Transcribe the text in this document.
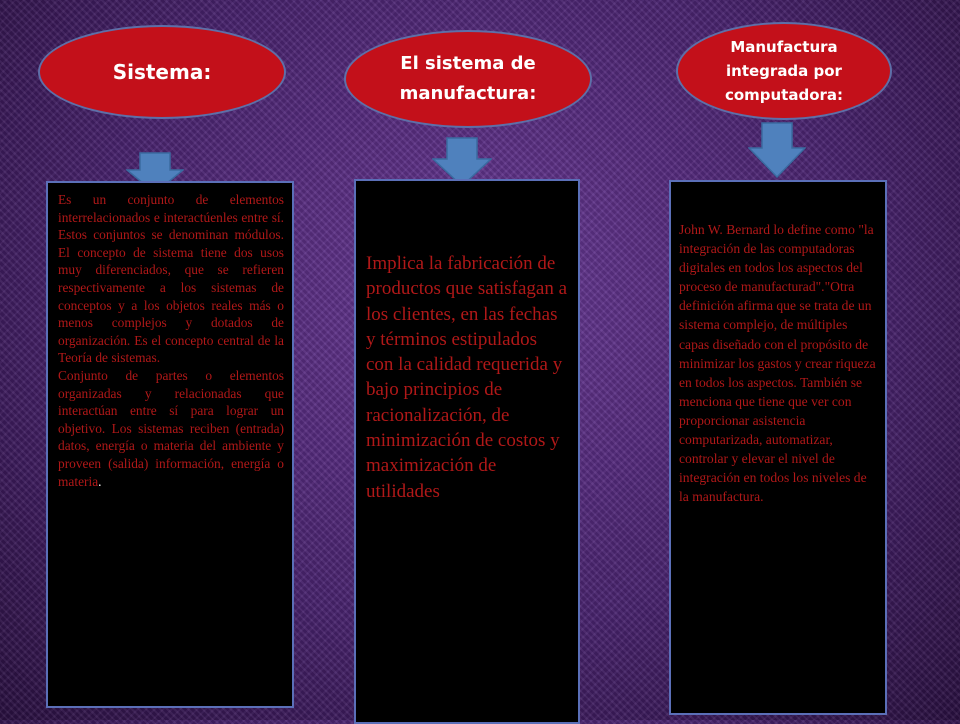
Sistema:	El sistema de manufactura:
Manufactura integrada por computadora:

Es un conjunto de elementos interrelacionados e interactúenles entre sí. Estos conjuntos se denominan módulos. El concepto de sistema tiene dos usos muy diferenciados, que se refieren respectivamente a los sistemas de conceptos y a los objetos reales más o menos complejos y dotados de organización. Es el concepto central de la Teoría de sistemas.

Conjunto de partes o elementos organizadas y relacionadas que interactúan entre sí para lograr un objetivo. Los sistemas reciben (entrada) datos, energía o materia del ambiente y proveen (salida) información, energía o materia.

Implica la fabricación de productos que satisfagan a los clientes, en las fechas y términos estipulados con la calidad requerida y bajo principios de racionalización, de minimización de costos y maximización de utilidades

John W. Bernard lo define como "la integración de las computadoras digitales en todos los aspectos del proceso de manufacturad"."Otra definición afirma que se trata de un sistema complejo, de múltiples capas diseñado con el propósito de minimizar los gastos y crear riqueza en todos los aspectos. También se menciona que tiene que ver con proporcionar asistencia computarizada, automatizar, controlar y elevar el nivel de integración en todos los niveles de la manufactura.
